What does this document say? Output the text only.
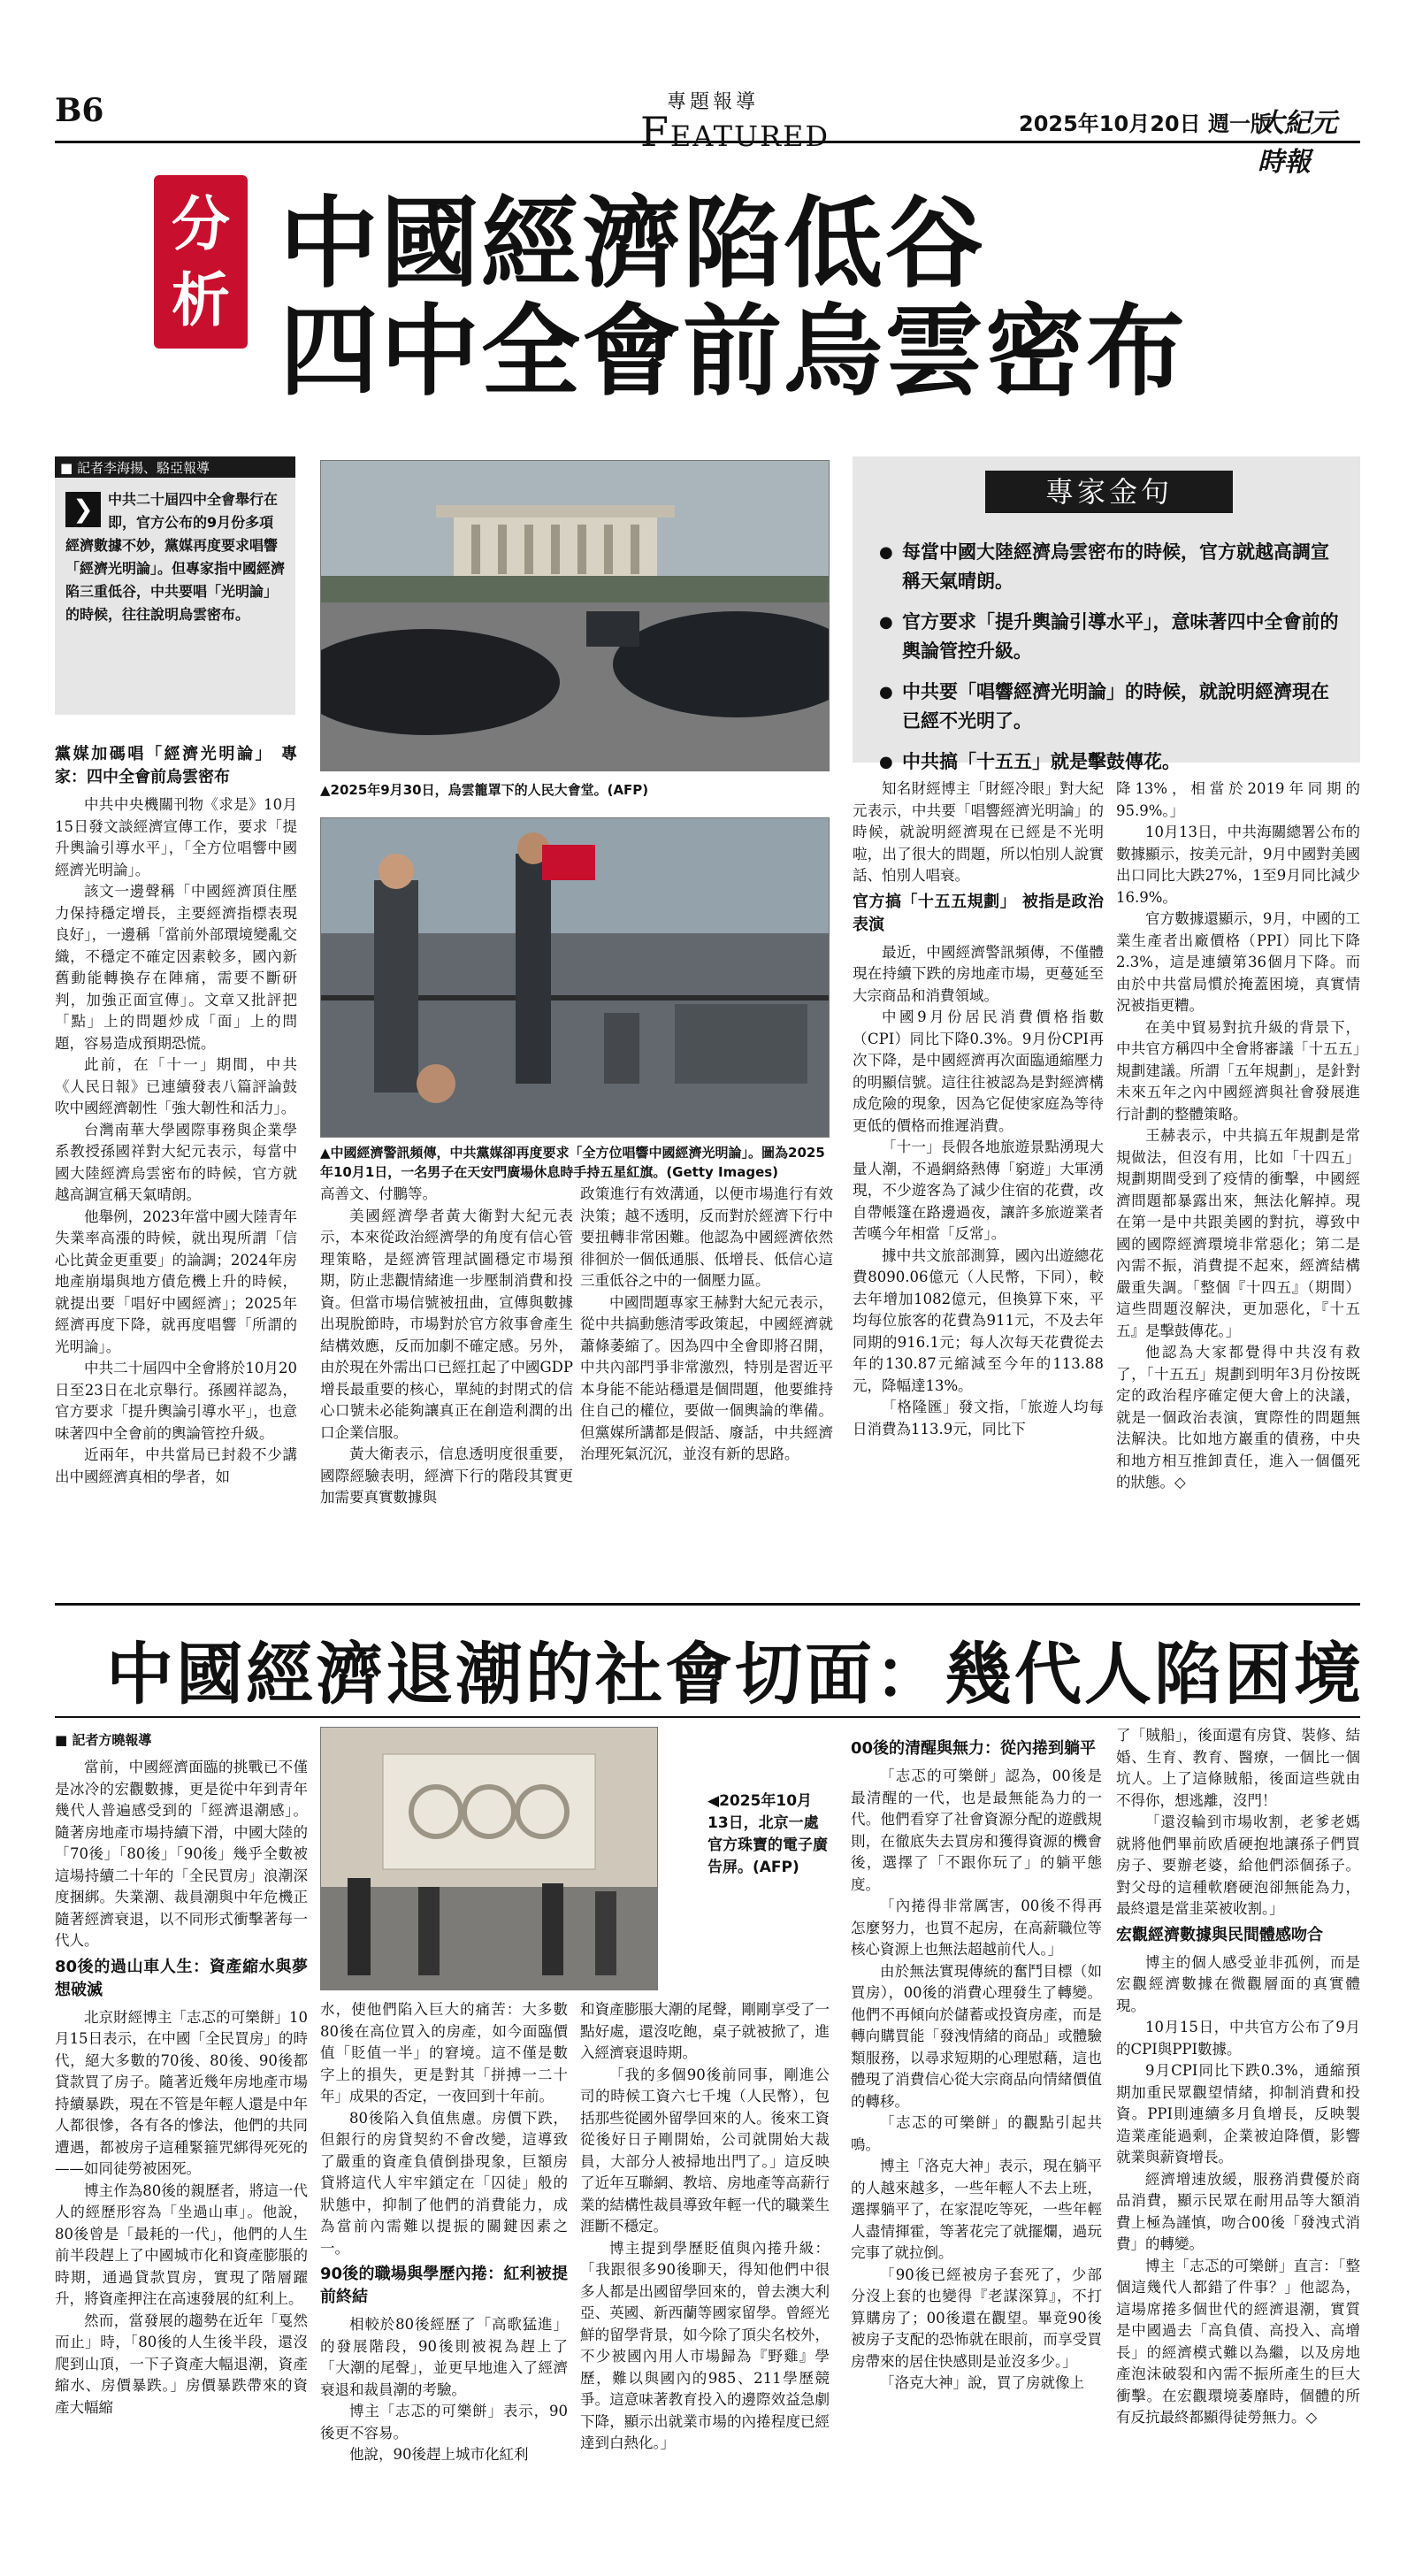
B6	專題報導
FEATURED	2025年10月20日 週一版
大紀元時報
分
析 中國經濟陷低谷
四中全會前烏雲密布
■ 記者李海揚、駱亞報導
❯	中共二十屆四中全會舉行在即，官方公布的9月份多項經濟數據不妙，黨媒再度要求唱響「經濟光明論」。但專家指中國經濟陷三重低谷，中共要唱「光明論」的時候，往往說明烏雲密布。
▲2025年9月30日，烏雲籠罩下的人民大會堂。(AFP)
▲中國經濟警訊頻傳，中共黨媒卻再度要求「全方位唱響中國經濟光明論」。圖為2025年10月1日，一名男子在天安門廣場休息時手持五星紅旗。(Getty Images)
專家金句
● 每當中國大陸經濟烏雲密布的時候，官方就越高調宣稱天氣晴朗。
● 官方要求「提升輿論引導水平」，意味著四中全會前的輿論管控升級。
● 中共要「唱響經濟光明論」的時候，就說明經濟現在已經不光明了。
● 中共搞「十五五」就是擊鼓傳花。
黨媒加碼唱「經濟光明論」 專家：四中全會前烏雲密布

中共中央機關刊物《求是》10月15日發文談經濟宣傳工作，要求「提升輿論引導水平」，「全方位唱響中國經濟光明論」。

該文一邊聲稱「中國經濟頂住壓力保持穩定增長，主要經濟指標表現良好」，一邊稱「當前外部環境變亂交織，不穩定不確定因素較多，國內新舊動能轉換存在陣痛，需要不斷研判，加強正面宣傳」。文章又批評把「點」上的問題炒成「面」上的問題，容易造成預期恐慌。

此前，在「十一」期間，中共《人民日報》已連續發表八篇評論鼓吹中國經濟韌性「強大韌性和活力」。

台灣南華大學國際事務與企業學系教授孫國祥對大紀元表示，每當中國大陸經濟烏雲密布的時候，官方就越高調宣稱天氣晴朗。

他舉例，2023年當中國大陸青年失業率高漲的時候，就出現所謂「信心比黃金更重要」的論調；2024年房地產崩塌與地方債危機上升的時候，就提出要「唱好中國經濟」；2025年經濟再度下降，就再度唱響「所謂的光明論」。

中共二十屆四中全會將於10月20日至23日在北京舉行。孫國祥認為，官方要求「提升輿論引導水平」，也意味著四中全會前的輿論管控升級。

近兩年，中共當局已封殺不少講出中國經濟真相的學者，如

高善文、付鵬等。

美國經濟學者黃大衛對大紀元表示，本來從政治經濟學的角度有信心管理策略，是經濟管理試圖穩定市場預期，防止悲觀情緒進一步壓制消費和投資。但當市場信號被扭曲，宣傳與數據出現脫節時，市場對於官方敘事會產生結構效應，反而加劇不確定感。另外，由於現在外需出口已經扛起了中國GDP增長最重要的核心，單純的封閉式的信心口號未必能夠讓真正在創造利潤的出口企業信服。

黃大衛表示，信息透明度很重要，國際經驗表明，經濟下行的階段其實更加需要真實數據與

政策進行有效溝通，以便市場進行有效決策；越不透明，反而對於經濟下行中要扭轉非常困難。他認為中國經濟依然徘徊於一個低通脹、低增長、低信心這三重低谷之中的一個壓力區。

中國問題專家王赫對大紀元表示，從中共搞動態清零政策起，中國經濟就蕭條萎縮了。因為四中全會即將召開，中共內部門爭非常激烈，特別是習近平本身能不能站穩還是個問題，他要維持住自己的權位，要做一個輿論的準備。但黨媒所講都是假話、廢話，中共經濟治理死氣沉沉，並沒有新的思路。

知名財經博主「財經冷眼」對大紀元表示，中共要「唱響經濟光明論」的時候，就說明經濟現在已經是不光明啦，出了很大的問題，所以怕別人說實話、怕別人唱衰。

官方搞「十五五規劃」 被指是政治表演

最近，中國經濟警訊頻傳，不僅體現在持續下跌的房地產市場，更蔓延至大宗商品和消費領域。

中國9月份居民消費價格指數（CPI）同比下降0.3%。9月份CPI再次下降，是中國經濟再次面臨通縮壓力的明顯信號。這往往被認為是對經濟構成危險的現象，因為它促使家庭為等待更低的價格而推遲消費。

「十一」長假各地旅遊景點湧現大量人潮，不過網絡熱傳「窮遊」大軍湧現，不少遊客為了減少住宿的花費，改自帶帳篷在路邊過夜，讓許多旅遊業者苦嘆今年相當「反常」。

據中共文旅部測算，國內出遊總花費8090.06億元（人民幣，下同），較去年增加1082億元，但換算下來，平均每位旅客的花費為911元，不及去年同期的916.1元；每人次每天花費從去年的130.87元縮減至今年的113.88元，降幅達13%。

「格隆匯」發文指，「旅遊人均每日消費為113.9元，同比下

降13%，相當於2019年同期的95.9%。」

10月13日，中共海關總署公布的數據顯示，按美元計，9月中國對美國出口同比大跌27%，1至9月同比減少16.9%。

官方數據還顯示，9月，中國的工業生產者出廠價格（PPI）同比下降2.3%，這是連續第36個月下降。而由於中共當局慣於掩蓋困境，真實情況被指更糟。

在美中貿易對抗升級的背景下，中共官方稱四中全會將審議「十五五」規劃建議。所謂「五年規劃」，是針對未來五年之內中國經濟與社會發展進行計劃的整體策略。

王赫表示，中共搞五年規劃是常規做法，但沒有用，比如「十四五」規劃期間受到了疫情的衝擊，中國經濟問題都暴露出來，無法化解掉。現在第一是中共跟美國的對抗，導致中國的國際經濟環境非常惡化；第二是內需不振，消費提不起來，經濟結構嚴重失調。「整個『十四五』（期間）這些問題沒解決，更加惡化，『十五五』是擊鼓傳花。」

他認為大家都覺得中共沒有救了，「十五五」規劃到明年3月份按既定的政治程序確定便大會上的決議，就是一個政治表演，實際性的問題無法解決。比如地方巖重的債務，中央和地方相互推卸責任，進入一個僵死的狀態。◇

中國經濟退潮的社會切面：幾代人陷困境
■ 記者方曉報導

當前，中國經濟面臨的挑戰已不僅是冰冷的宏觀數據，更是從中年到青年幾代人普遍感受到的「經濟退潮感」。隨著房地產市場持續下滑，中國大陸的「70後」「80後」「90後」幾乎全數被這場持續二十年的「全民買房」浪潮深度捆綁。失業潮、裁員潮與中年危機正隨著經濟衰退，以不同形式衝擊著每一代人。

80後的過山車人生：資產縮水與夢想破滅

北京財經博主「志忑的可樂餅」10月15日表示，在中國「全民買房」的時代，絕大多數的70後、80後、90後都貸款買了房子。隨著近幾年房地產市場持續暴跌，現在不管是年輕人還是中年人都很慘，各有各的慘法，他們的共同遭遇，都被房子這種緊箍咒綁得死死的——如同徒勞被困死。

博主作為80後的親歷者，將這一代人的經歷形容為「坐過山車」。他說，80後曾是「最耗的一代」，他們的人生前半段趕上了中國城市化和資產膨脹的時期，通過貸款買房，實現了階層躍升，將資產押注在高速發展的紅利上。

然而，當發展的趨勢在近年「戛然而止」時，「80後的人生後半段，還沒爬到山頂，一下子資產大幅退潮，資產縮水、房價暴跌。」房價暴跌帶來的資產大幅縮

◀2025年10月13日，北京一處官方珠寶的電子廣告屏。(AFP)

水，使他們陷入巨大的痛苦：大多數80後在高位買入的房產，如今面臨價值「貶值一半」的窘境。這不僅是數字上的損失，更是對其「拼搏一二十年」成果的否定，一夜回到十年前。

80後陷入負值焦慮。房價下跌，但銀行的房貸契約不會改變，這導致了嚴重的資產負債倒掛現象，巨額房貸將這代人牢牢鎖定在「囚徒」般的狀態中，抑制了他們的消費能力，成為當前內需難以提振的關鍵因素之一。

90後的職場與學歷內捲：紅利被提前終結

相較於80後經歷了「高歌猛進」的發展階段，90後則被視為趕上了「大潮的尾聲」，並更早地進入了經濟衰退和裁員潮的考驗。

博主「志忑的可樂餅」表示，90後更不容易。

他說，90後趕上城市化紅利

和資產膨脹大潮的尾聲，剛剛享受了一點好處，還沒吃飽，桌子就被掀了，進入經濟衰退時期。

「我的多個90後前同事，剛進公司的時候工資六七千塊（人民幣），包括那些從國外留學回來的人。後來工資從後好日子剛開始，公司就開始大裁員，大部分人被掃地出門了。」這反映了近年互聯網、教培、房地產等高薪行業的結構性裁員導致年輕一代的職業生涯斷不穩定。

博主提到學歷貶值與內捲升級：「我跟很多90後聊天，得知他們中很多人都是出國留學回來的，曾去澳大利亞、英國、新西蘭等國家留學。曾經光鮮的留學背景，如今除了頂尖名校外，不少被國內用人市場歸為『野雞』學歷，難以與國內的985、211學歷競爭。這意味著教育投入的邊際效益急劇下降，顯示出就業市場的內捲程度已經達到白熱化。」

00後的清醒與無力：從內捲到躺平

「志忑的可樂餅」認為，00後是最清醒的一代，也是最無能為力的一代。他們看穿了社會資源分配的遊戲規則，在徹底失去買房和獲得資源的機會後，選擇了「不跟你玩了」的躺平態度。

「內捲得非常厲害，00後不得再怎麼努力，也買不起房，在高薪職位等核心資源上也無法超越前代人。」

由於無法實現傳統的奮鬥目標（如買房），00後的消費心理發生了轉變。他們不再傾向於儲蓄或投資房產，而是轉向購買能「發洩情緒的商品」或體驗類服務，以尋求短期的心理慰藉，這也體現了消費信心從大宗商品向情緒價值的轉移。

「志忑的可樂餅」的觀點引起共鳴。

博主「洛克大神」表示，現在躺平的人越來越多，一些年輕人不去上班，選擇躺平了，在家混吃等死，一些年輕人盡情揮霍，等著花完了就擺爛，過玩完事了就拉倒。

「90後已經被房子套死了，少部分沒上套的也變得『老謀深算』，不打算購房了；00後還在觀望。畢竟90後被房子支配的恐怖就在眼前，而享受買房帶來的居住快感則是並沒多少。」

「洛克大神」說，買了房就像上

了「賊船」，後面還有房貸、裝修、結婚、生育、教育、醫療，一個比一個坑人。上了這條賊船，後面這些就由不得你，想逃離，沒門！

「還沒輪到市場收割，老爹老媽就將他們畢前欧盾硬抱地讓孫子們買房子、要辦老婆，給他們添個孫子。對父母的這種軟磨硬泡卻無能為力，最終還是當韭菜被收割。」

宏觀經濟數據與民間體感吻合

博主的個人感受並非孤例，而是宏觀經濟數據在微觀層面的真實體現。

10月15日，中共官方公布了9月的CPI與PPI數據。

9月CPI同比下跌0.3%，通縮預期加重民眾觀望情緒，抑制消費和投資。PPI則連續多月負增長，反映製造業產能過剩，企業被迫降價，影響就業與薪資增長。

經濟增速放緩，服務消費優於商品消費，顯示民眾在耐用品等大額消費上極為謹慎，吻合00後「發洩式消費」的轉變。

博主「志忑的可樂餅」直言：「整個這幾代人都錯了件事？」他認為，這場席捲多個世代的經濟退潮，實質是中國過去「高負債、高投入、高增長」的經濟模式難以為繼，以及房地產泡沫破裂和內需不振所產生的巨大衝擊。在宏觀環境萎靡時，個體的所有反抗最終都顯得徒勞無力。◇
